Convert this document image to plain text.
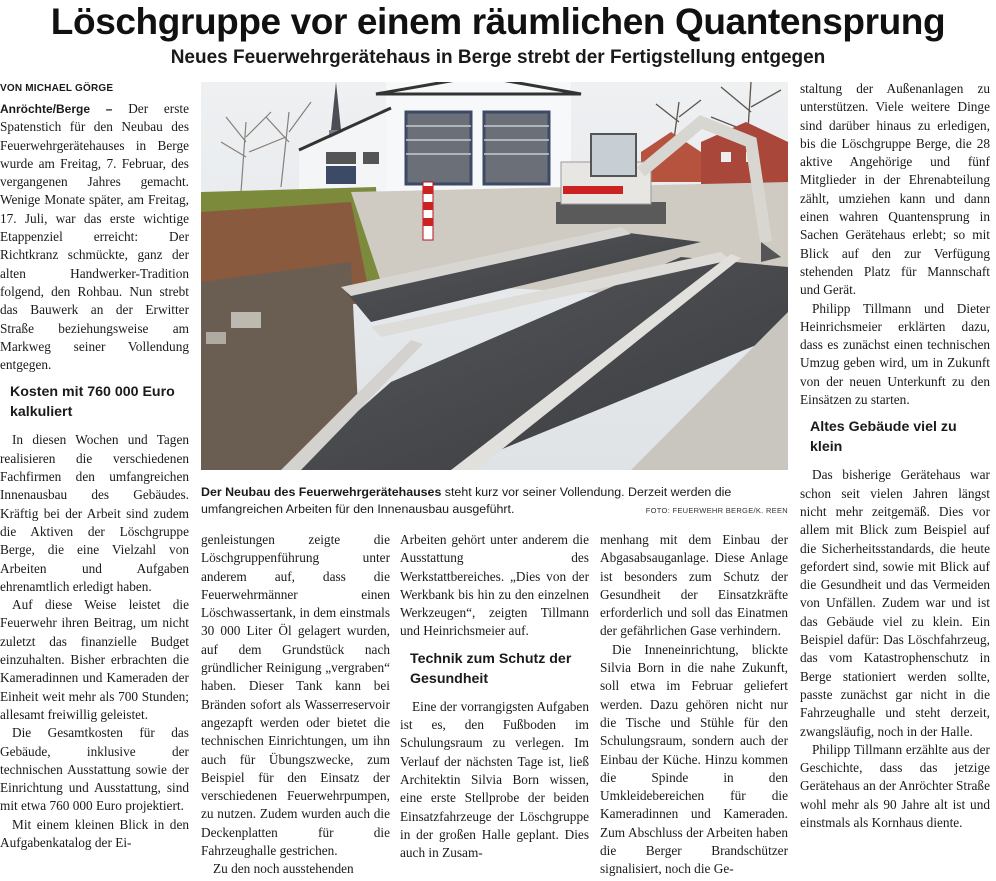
Löschgruppe vor einem räumlichen Quantensprung
Neues Feuerwehrgerätehaus in Berge strebt der Fertigstellung entgegen
VON MICHAEL GÖRGE

Anröchte/Berge – Der erste Spatenstich für den Neubau des Feuerwehrgerätehauses in Berge wurde am Freitag, 7. Februar, des vergangenen Jahres gemacht. Wenige Monate später, am Freitag, 17. Juli, war das erste wichtige Etappenziel erreicht: Der Richtkranz schmückte, ganz der alten Handwerker-Tradition folgend, den Rohbau. Nun strebt das Bauwerk an der Erwitter Straße beziehungsweise am Markweg seiner Vollendung entgegen.

Kosten mit 760 000 Euro kalkuliert

In diesen Wochen und Tagen realisieren die verschiedenen Fachfirmen den umfangreichen Innenausbau des Gebäudes. Kräftig bei der Arbeit sind zudem die Aktiven der Löschgruppe Berge, die eine Vielzahl von Arbeiten und Aufgaben ehrenamtlich erledigt haben.

Auf diese Weise leistet die Feuerwehr ihren Beitrag, um nicht zuletzt das finanzielle Budget einzuhalten. Bisher erbrachten die Kameradinnen und Kameraden der Einheit weit mehr als 700 Stunden; allesamt freiwillig geleistet.

Die Gesamtkosten für das Gebäude, inklusive der technischen Ausstattung sowie der Einrichtung und Ausstattung, sind mit etwa 760 000 Euro projektiert.

Mit einem kleinen Blick in den Aufgabenkatalog der Ei-

Der Neubau des Feuerwehrgerätehauses steht kurz vor seiner Vollendung. Derzeit werden die umfangreichen Arbeiten für den Innenausbau ausgeführt.	FOTO: FEUERWEHR BERGE/K. REEN

genleistungen zeigte die Löschgruppenführung unter anderem auf, dass die Feuerwehrmänner einen Löschwassertank, in dem einstmals 30 000 Liter Öl gelagert wurden, auf dem Grundstück nach gründlicher Reinigung „vergraben“ haben. Dieser Tank kann bei Bränden sofort als Wasserreservoir angezapft werden oder bietet die technischen Einrichtungen, um ihn auch für Übungszwecke, zum Beispiel für den Einsatz der verschiedenen Feuerwehrpumpen, zu nutzen. Zudem wurden auch die Deckenplatten für die Fahrzeughalle gestrichen.

Zu den noch ausstehenden

Arbeiten gehört unter anderem die Ausstattung des Werkstattbereiches. „Dies von der Werkbank bis hin zu den einzelnen Werkzeugen“, zeigten Tillmann und Heinrichsmeier auf.

Technik zum Schutz der Gesundheit

Eine der vorrangigsten Aufgaben ist es, den Fußboden im Schulungsraum zu verlegen. Im Verlauf der nächsten Tage ist, ließ Architektin Silvia Born wissen, eine erste Stellprobe der beiden Einsatzfahrzeuge der Löschgruppe in der großen Halle geplant. Dies auch in Zusam-

menhang mit dem Einbau der Abgasabsauganlage. Diese Anlage ist besonders zum Schutz der Gesundheit der Einsatzkräfte erforderlich und soll das Einatmen der gefährlichen Gase verhindern.

Die Inneneinrichtung, blickte Silvia Born in die nahe Zukunft, soll etwa im Februar geliefert werden. Dazu gehören nicht nur die Tische und Stühle für den Schulungsraum, sondern auch der Einbau der Küche. Hinzu kommen die Spinde in den Umkleidebereichen für die Kameradinnen und Kameraden. Zum Abschluss der Arbeiten haben die Berger Brandschützer signalisiert, noch die Ge-

staltung der Außenanlagen zu unterstützen. Viele weitere Dinge sind darüber hinaus zu erledigen, bis die Löschgruppe Berge, die 28 aktive Angehörige und fünf Mitglieder in der Ehrenabteilung zählt, umziehen kann und dann einen wahren Quantensprung in Sachen Gerätehaus erlebt; so mit Blick auf den zur Verfügung stehenden Platz für Mannschaft und Gerät.

Philipp Tillmann und Dieter Heinrichsmeier erklärten dazu, dass es zunächst einen technischen Umzug geben wird, um in Zukunft von der neuen Unterkunft zu den Einsätzen zu starten.

Altes Gebäude viel zu klein

Das bisherige Gerätehaus war schon seit vielen Jahren längst nicht mehr zeitgemäß. Dies vor allem mit Blick zum Beispiel auf die Sicherheitsstandards, die heute gefordert sind, sowie mit Blick auf die Gesundheit und das Vermeiden von Unfällen. Zudem war und ist das Gebäude viel zu klein. Ein Beispiel dafür: Das Löschfahrzeug, das vom Katastrophenschutz in Berge stationiert werden sollte, passte zunächst gar nicht in die Fahrzeughalle und steht derzeit, zwangsläufig, noch in der Halle.

Philipp Tillmann erzählte aus der Geschichte, dass das jetzige Gerätehaus an der Anröchter Straße wohl mehr als 90 Jahre alt ist und einstmals als Kornhaus diente.
